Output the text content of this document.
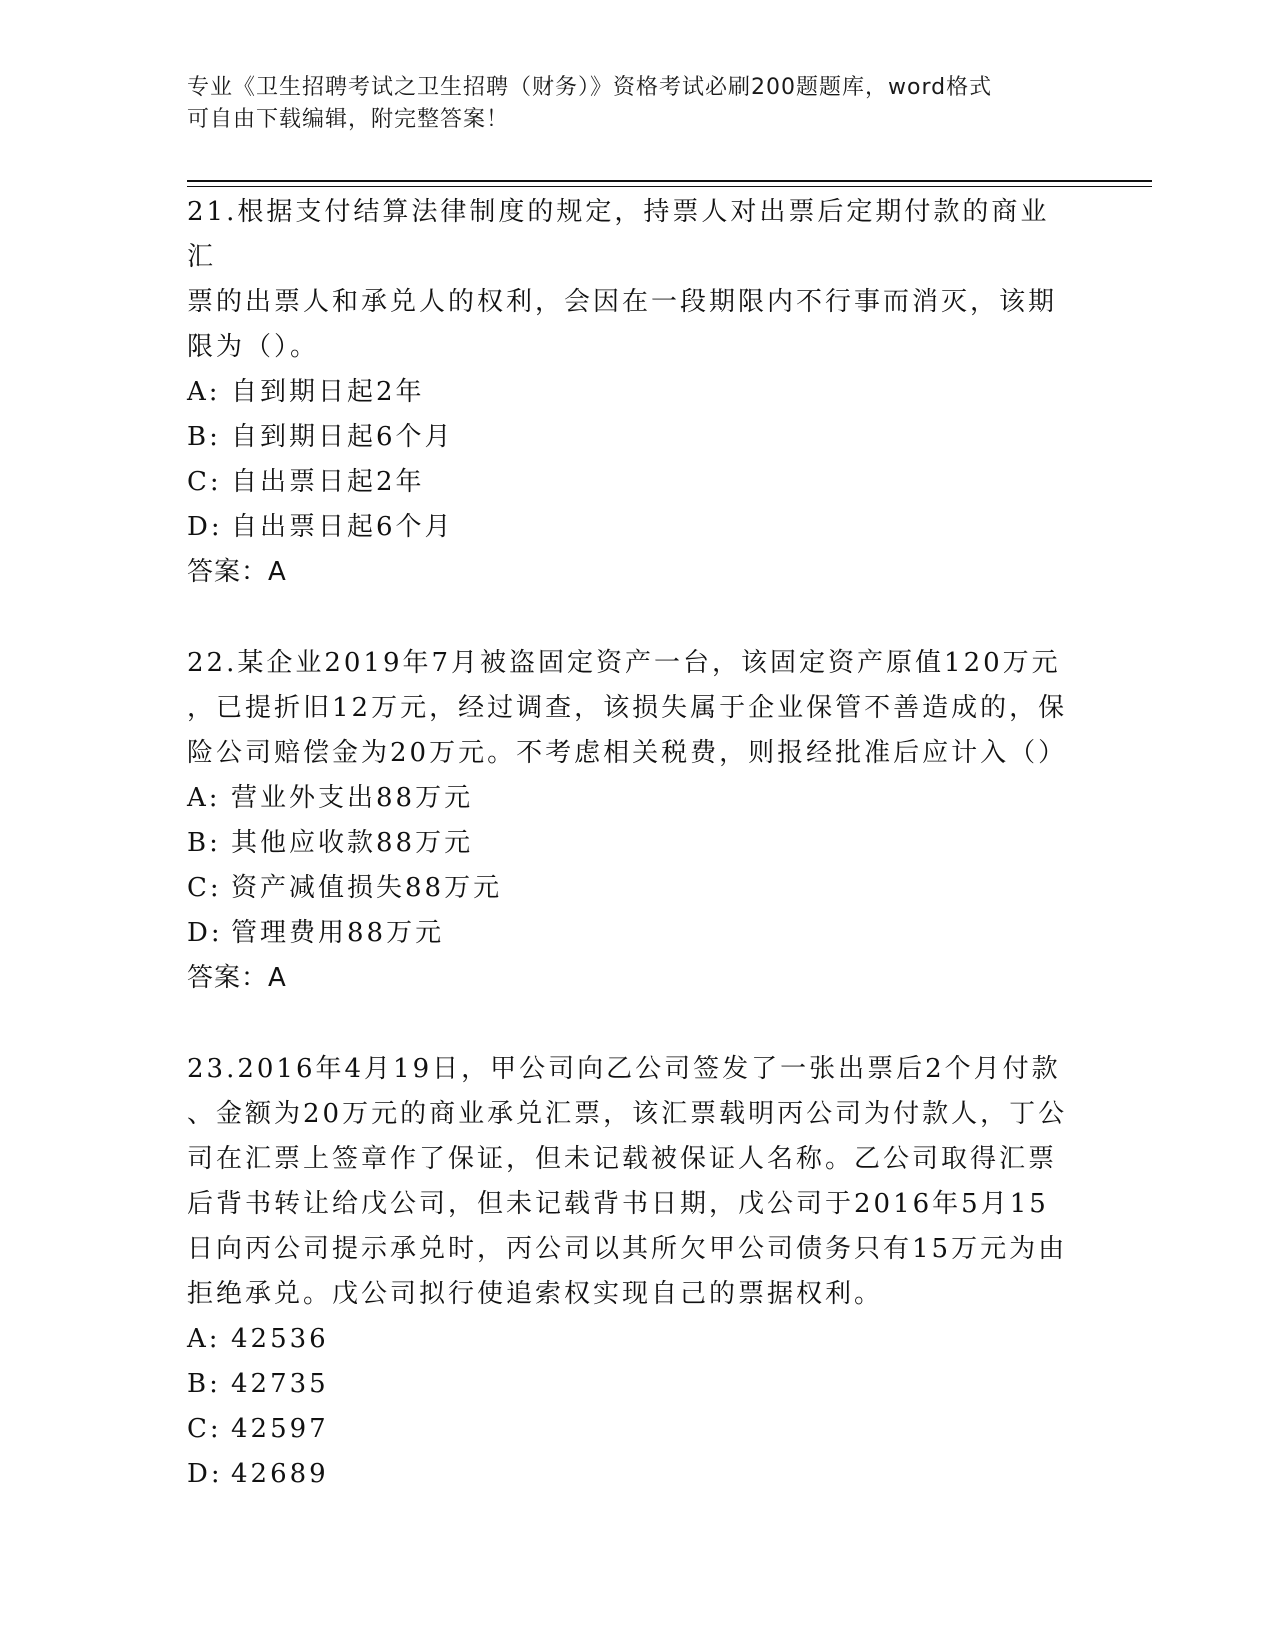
专业《卫生招聘考试之卫生招聘（财务）》资格考试必刷200题题库，word格式
可自由下载编辑，附完整答案！

21.根据支付结算法律制度的规定，持票人对出票后定期付款的商业汇

票的出票人和承兑人的权利，会因在一段期限内不行事而消灭，该期

限为（）。

A: 自到期日起2年

B: 自到期日起6个月

C: 自出票日起2年

D: 自出票日起6个月

答案：A

22.某企业2019年7月被盗固定资产一台，该固定资产原值120万元

，已提折旧12万元，经过调查，该损失属于企业保管不善造成的，保

险公司赔偿金为20万元。不考虑相关税费，则报经批准后应计入（）

A: 营业外支出88万元

B: 其他应收款88万元

C: 资产减值损失88万元

D: 管理费用88万元

答案：A

23.2016年4月19日，甲公司向乙公司签发了一张出票后2个月付款

、金额为20万元的商业承兑汇票，该汇票载明丙公司为付款人，丁公

司在汇票上签章作了保证，但未记载被保证人名称。乙公司取得汇票

后背书转让给戊公司，但未记载背书日期，戊公司于2016年5月15

日向丙公司提示承兑时，丙公司以其所欠甲公司债务只有15万元为由

拒绝承兑。戊公司拟行使追索权实现自己的票据权利。

A: 42536

B: 42735

C: 42597

D: 42689
